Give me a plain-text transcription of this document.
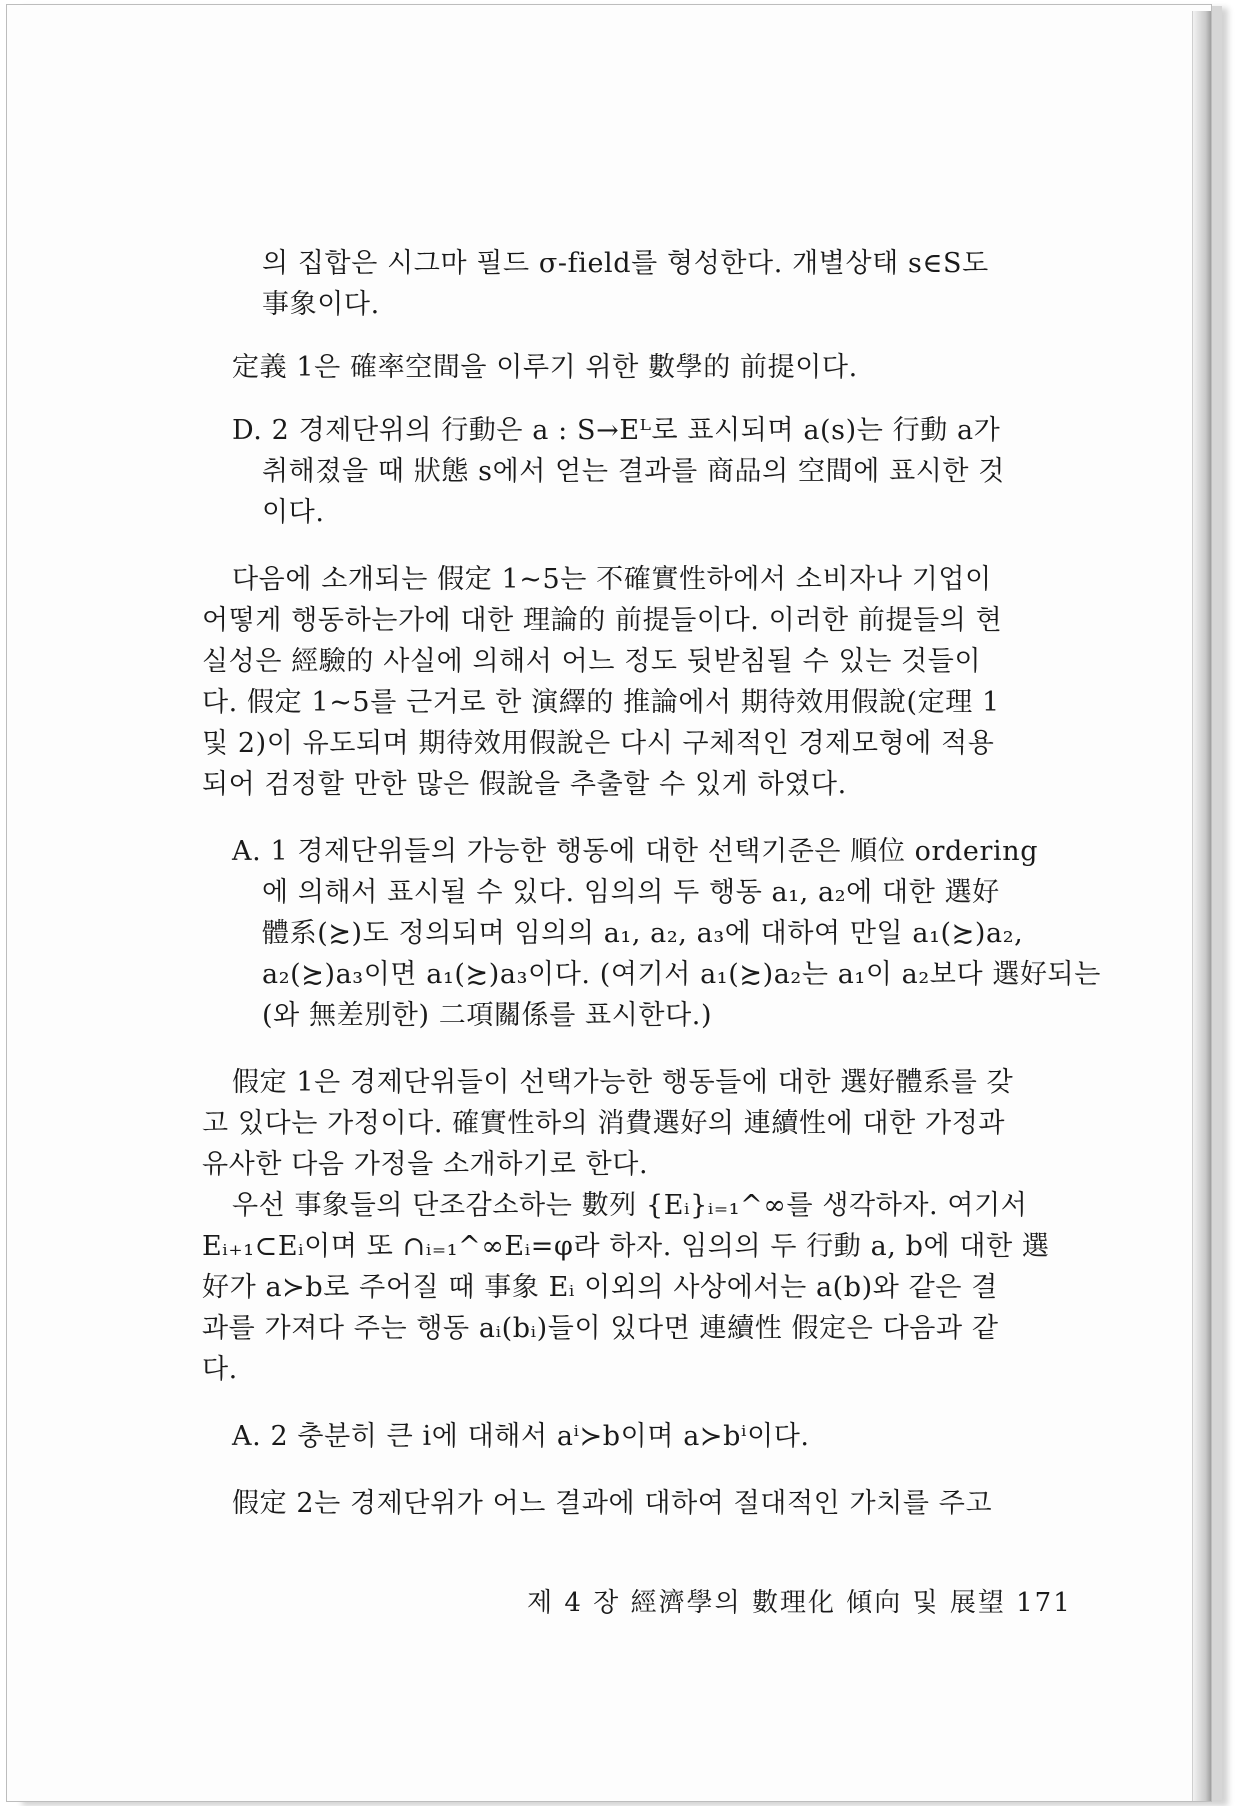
의 집합은 시그마 필드 σ-field를 형성한다. 개별상태 s∈S도
事象이다.
定義 1은 確率空間을 이루기 위한 數學的 前提이다.
D. 2 경제단위의 行動은 a : S→Eᴸ로 표시되며 a(s)는 行動 a가
취해졌을 때 狀態 s에서 얻는 결과를 商品의 空間에 표시한 것
이다.
다음에 소개되는 假定 1~5는 不確實性하에서 소비자나 기업이
어떻게 행동하는가에 대한 理論的 前提들이다. 이러한 前提들의 현
실성은 經驗的 사실에 의해서 어느 정도 뒷받침될 수 있는 것들이
다. 假定 1~5를 근거로 한 演繹的 推論에서 期待效用假說(定理 1
및 2)이 유도되며 期待效用假說은 다시 구체적인 경제모형에 적용
되어 검정할 만한 많은 假說을 추출할 수 있게 하였다.
A. 1 경제단위들의 가능한 행동에 대한 선택기준은 順位 ordering
에 의해서 표시될 수 있다. 임의의 두 행동 a₁, a₂에 대한 選好
體系(≿)도 정의되며 임의의 a₁, a₂, a₃에 대하여 만일 a₁(≿)a₂,
a₂(≿)a₃이면 a₁(≿)a₃이다. (여기서 a₁(≿)a₂는 a₁이 a₂보다 選好되는
(와 無差別한) 二項關係를 표시한다.)
假定 1은 경제단위들이 선택가능한 행동들에 대한 選好體系를 갖
고 있다는 가정이다. 確實性하의 消費選好의 連續性에 대한 가정과
유사한 다음 가정을 소개하기로 한다.
우선 事象들의 단조감소하는 數列 {Eᵢ}ᵢ₌₁^∞를 생각하자. 여기서
Eᵢ₊₁⊂Eᵢ이며 또 ∩ᵢ₌₁^∞Eᵢ=φ라 하자. 임의의 두 行動 a, b에 대한 選
好가 a≻b로 주어질 때 事象 Eᵢ 이외의 사상에서는 a(b)와 같은 결
과를 가져다 주는 행동 aᵢ(bᵢ)들이 있다면 連續性 假定은 다음과 같
다.
A. 2 충분히 큰 i에 대해서 aⁱ≻b이며 a≻bⁱ이다.
假定 2는 경제단위가 어느 결과에 대하여 절대적인 가치를 주고
제 4 장 經濟學의 數理化 傾向 및 展望 171
